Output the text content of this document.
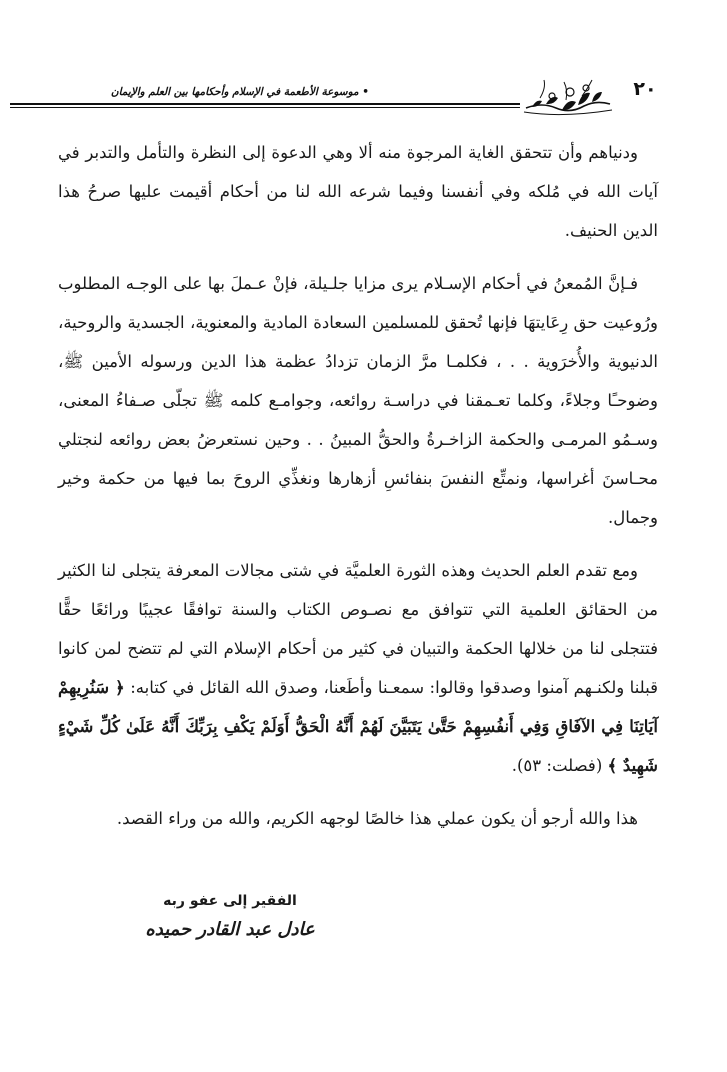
• موسوعة الأطعمة في الإسلام وأحكامها بين العلم والإيمان	٢٠

ودنياهم وأن تتحقق الغاية المرجوة منه ألا وهي الدعوة إلى النظرة والتأمل والتدبر في آيات الله في مُلكه وفي أنفسنا وفيما شرعه الله لنا من أحكام أقيمت عليها صرحُ هذا الدين الحنيف.

فـإنَّ المُمعنُ في أحكام الإسـلام يرى مزايا جلـيلة، فإنْ عـملَ بها على الوجـه المطلوب ورُوعيت حق رِعَايتهَا فإنها تُحقق للمسلمين السعادة المادية والمعنوية، الجسدية والروحية، الدنيوية والأُخرَوية . . ، فكلمـا مرَّ الزمان تزدادُ عظمة هذا الدين ورسوله الأمين ﷺ، وضوحـًا وجلاءً، وكلما تعـمقنا في دراسـة روائعه، وجوامـع كلمه ﷺ تجلّى صـفاءُ المعنى، وسـمُو المرمـى والحكمة الزاخـرةُ والحقُّ المبينُ . . وحين نستعرضُ بعض روائعه لنجتلي محـاسنَ أغراسها، ونمتِّع النفسَ بنفائسِ أزهارها ونغذِّي الروحَ بما فيها من حكمة وخير وجمال.

ومع تقدم العلم الحديث وهذه الثورة العلميَّة في شتى مجالات المعرفة يتجلى لنا الكثير من الحقائق العلمية التي تتوافق مع نصـوص الكتاب والسنة توافقًا عجيبًا ورائعًا حقًّا فتتجلى لنا من خلالها الحكمة والتبيان في كثير من أحكام الإسلام التي لم تتضح لمن كانوا قبلنا ولكنـهم آمنوا وصدقوا وقالوا: سمعـنا وأطَعنا، وصدق الله القائل في كتابه: ﴿ سَنُرِيهِمْ آيَاتِنَا فِي الآفَاقِ وَفِي أَنفُسِهِمْ حَتَّىٰ يَتَبَيَّنَ لَهُمْ أَنَّهُ الْحَقُّ أَوَلَمْ يَكْفِ بِرَبِّكَ أَنَّهُ عَلَىٰ كُلِّ شَيْءٍ شَهِيدٌ ﴾ (فصلت: ٥٣).

هذا والله أرجو أن يكون عملي هذا خالصًا لوجهه الكريم، والله من وراء القصد.

الفقير إلى عفو ربه
عادل عبد القادر حميده
